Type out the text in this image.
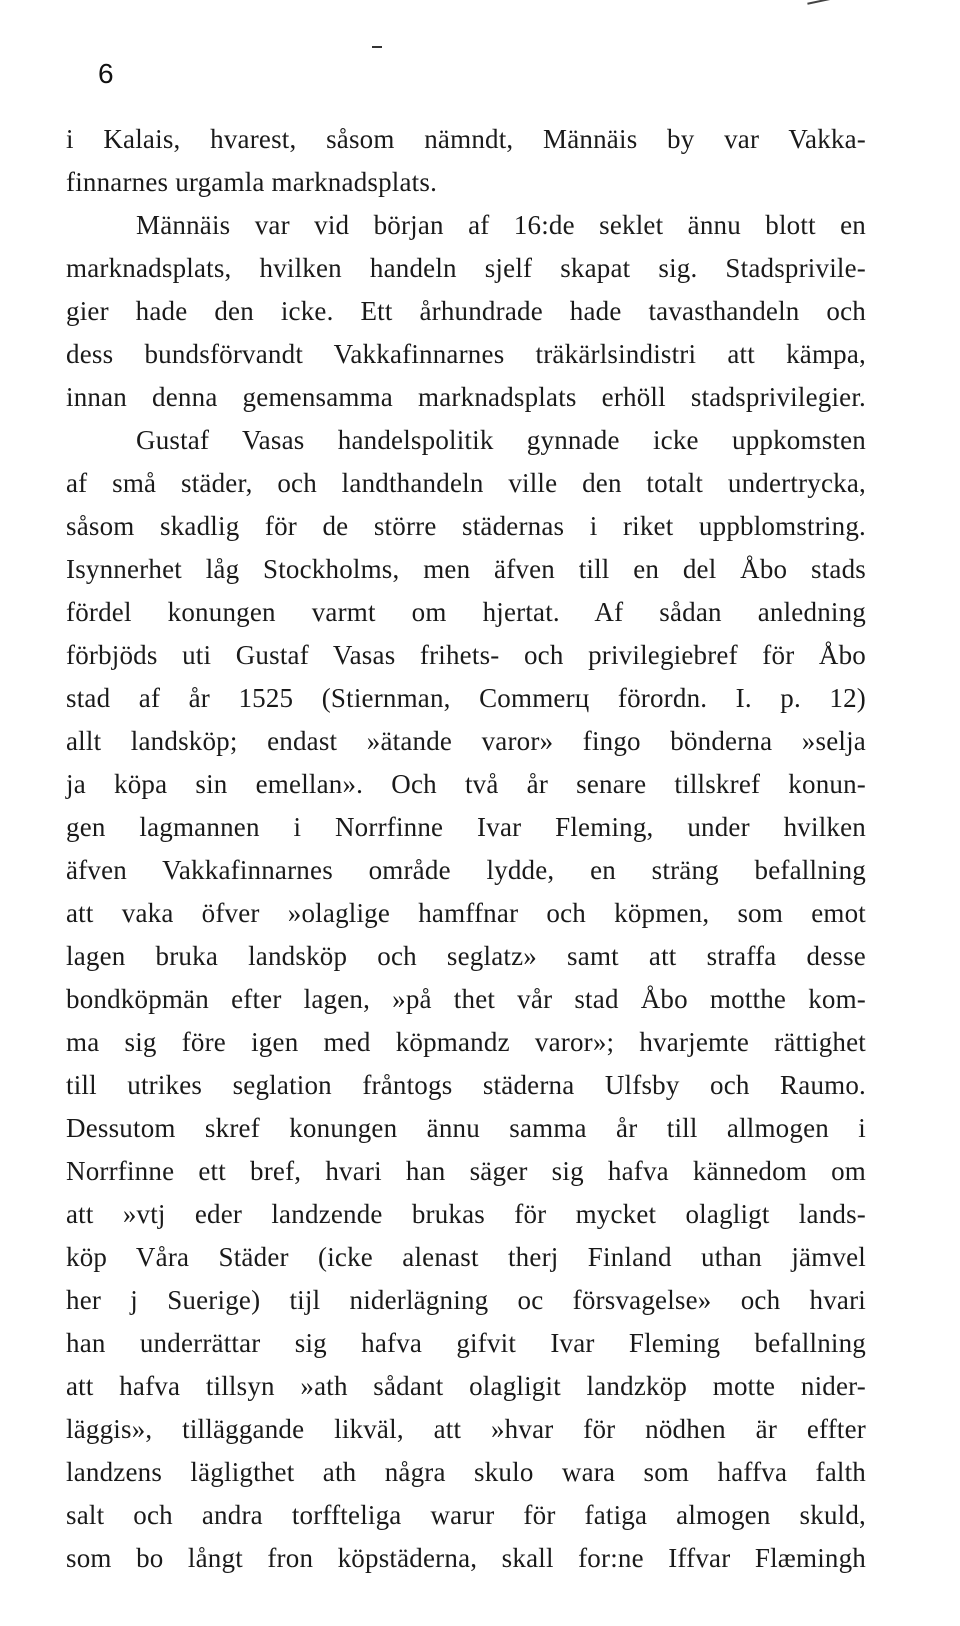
6
i Kalais, hvarest, såsom nämndt, Männäis by var Vakka-
finnarnes urgamla marknadsplats.
Männäis var vid början af 16:de seklet ännu blott en
marknadsplats, hvilken handeln sjelf skapat sig. Stadsprivile-
gier hade den icke. Ett århundrade hade tavasthandeln och
dess bundsförvandt Vakkafinnarnes träkärlsindistri att kämpa,
innan denna gemensamma marknadsplats erhöll stadsprivilegier.
Gustaf Vasas handelspolitik gynnade icke uppkomsten
af små städer, och landthandeln ville den totalt undertrycka,
såsom skadlig för de större städernas i riket uppblomstring.
Isynnerhet låg Stockholms, men äfven till en del Åbo stads
fördel konungen varmt om hjertat. Af sådan anledning
förbjöds uti Gustaf Vasas frihets- och privilegiebref för Åbo
stad af år 1525 (Stiernman, Commerц förordn. I. p. 12)
allt landsköp; endast »ätande varor» fingo bönderna »selja
ja köpa sin emellan». Och två år senare tillskref konun-
gen lagmannen i Norrfinne Ivar Fleming, under hvilken
äfven Vakkafinnarnes område lydde, en sträng befallning
att vaka öfver »olaglige hamffnar och köpmen, som emot
lagen bruka landsköp och seglatz» samt att straffa desse
bondköpmän efter lagen, »på thet vår stad Åbo motthe kom-
ma sig före igen med köpmandz varor»; hvarjemte rättighet
till utrikes seglation fråntogs städerna Ulfsby och Raumo.
Dessutom skref konungen ännu samma år till allmogen i
Norrfinne ett bref, hvari han säger sig hafva kännedom om
att »vtj eder landzende brukas för mycket olagligt lands-
köp Våra Städer (icke alenast therj Finland uthan jämvel
her j Suerige) tijl niderlägning oc försvagelse» och hvari
han underrättar sig hafva gifvit Ivar Fleming befallning
att hafva tillsyn »ath sådant olagligit landzköp motte nider-
läggis», tilläggande likväl, att »hvar för nödhen är effter
landzens lägligthet ath några skulo wara som haffva falth
salt och andra torffteliga warur för fatiga almogen skuld,
som bo långt fron köpstäderna, skall for:ne Iffvar Flæmingh
